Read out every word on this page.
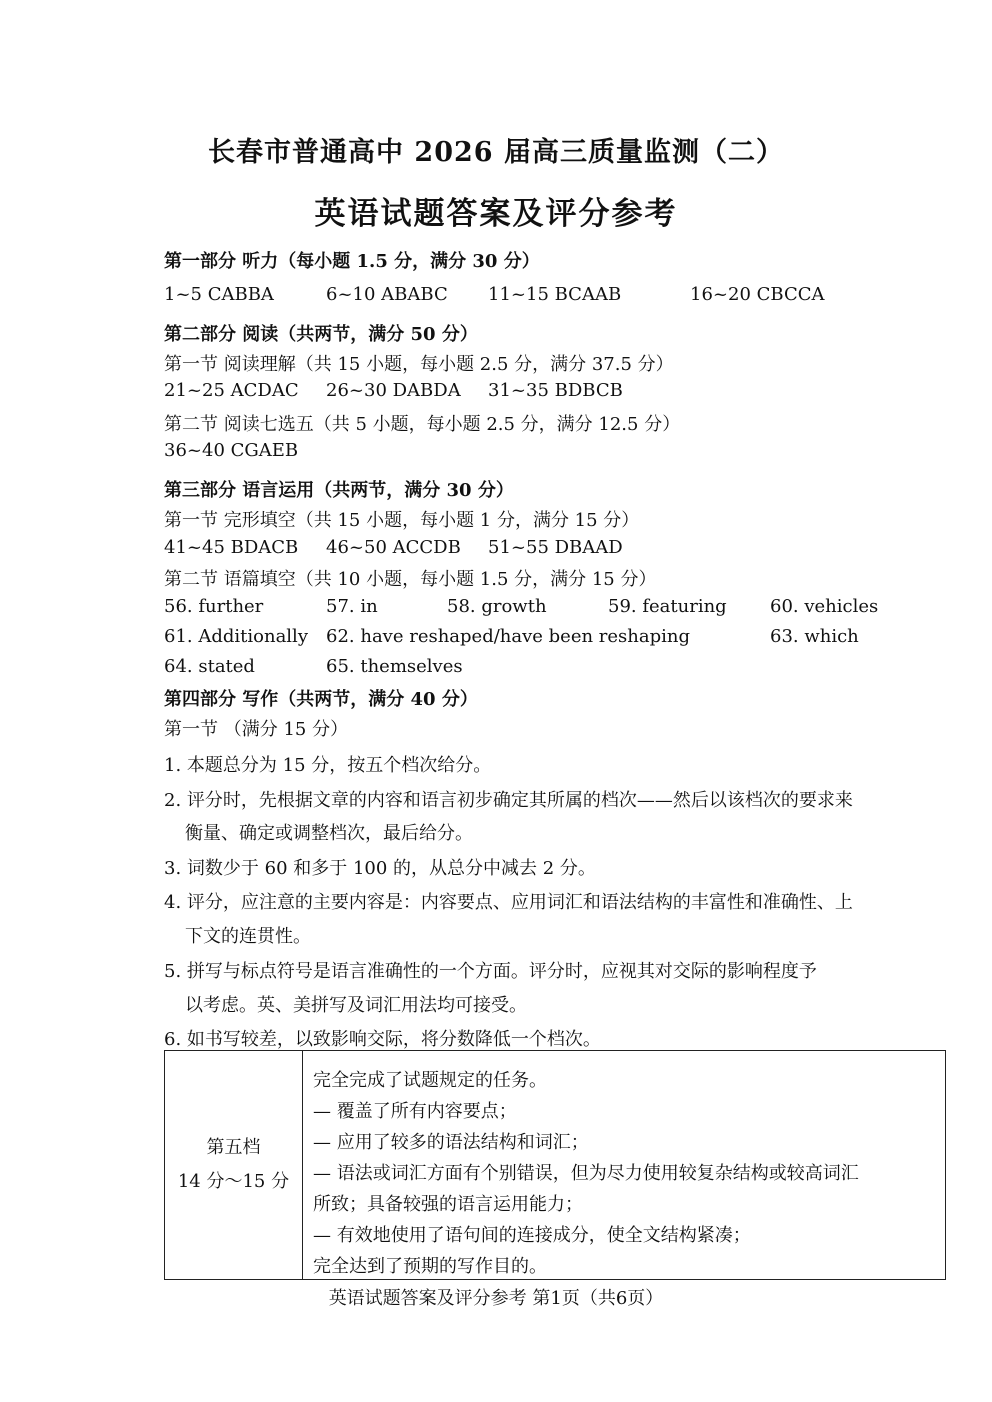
长春市普通高中 2026 届高三质量监测（二）
英语试题答案及评分参考
第一部分 听力（每小题 1.5 分，满分 30 分）
1~5 CABBA	6~10 ABABC 11~15 BCAAB	16~20 CBCCA
第二部分 阅读（共两节，满分 50 分）
第一节 阅读理解（共 15 小题，每小题 2.5 分，满分 37.5 分）
21~25 ACDAC 26~30 DABDA 31~35 BDBCB
第二节 阅读七选五（共 5 小题，每小题 2.5 分，满分 12.5 分）
36~40 CGAEB
第三部分 语言运用（共两节，满分 30 分）
第一节 完形填空（共 15 小题，每小题 1 分，满分 15 分）
41~45 BDACB 46~50 ACCDB 51~55 DBAAD
第二节 语篇填空（共 10 小题，每小题 1.5 分，满分 15 分）
56. further	57. in	58. growth	59. featuring 60. vehicles
61. Additionally 62. have reshaped/have been reshaping	63. which
64. stated	65. themselves
第四部分 写作（共两节，满分 40 分）
第一节 （满分 15 分）
1. 本题总分为 15 分，按五个档次给分。
2. 评分时，先根据文章的内容和语言初步确定其所属的档次——然后以该档次的要求来
衡量、确定或调整档次，最后给分。
3. 词数少于 60 和多于 100 的，从总分中减去 2 分。
4. 评分，应注意的主要内容是：内容要点、应用词汇和语法结构的丰富性和准确性、上
下文的连贯性。
5. 拼写与标点符号是语言准确性的一个方面。评分时，应视其对交际的影响程度予
以考虑。英、美拼写及词汇用法均可接受。
6. 如书写较差，以致影响交际，将分数降低一个档次。
第五档
14 分～15 分
完全完成了试题规定的任务。
— 覆盖了所有内容要点；
— 应用了较多的语法结构和词汇；
— 语法或词汇方面有个别错误，但为尽力使用较复杂结构或较高词汇
所致；具备较强的语言运用能力；
— 有效地使用了语句间的连接成分，使全文结构紧凑；
完全达到了预期的写作目的。
英语试题答案及评分参考 第1页（共6页）
